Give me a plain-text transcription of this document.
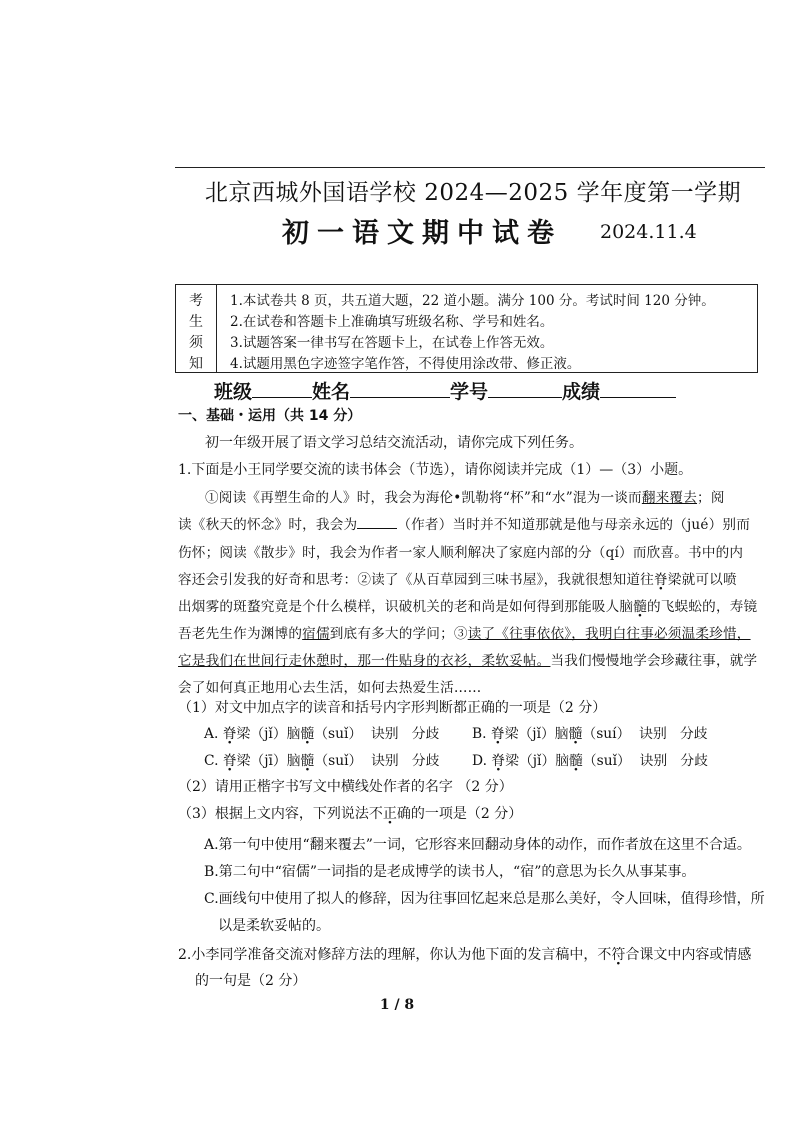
北京西城外国语学校 2024—2025 学年度第一学期
初一语文期中试卷 2024.11.4
考
生
须
知
1.本试卷共 8 页，共五道大题，22 道小题。满分 100 分。考试时间 120 分钟。
2.在试卷和答题卡上准确填写班级名称、学号和姓名。
3.试题答案一律书写在答题卡上，在试卷上作答无效。
4.试题用黑色字迹签字笔作答，不得使用涂改带、修正液。
班级	姓名	学号	成绩
一、基础・运用（共 14 分）
初一年级开展了语文学习总结交流活动，请你完成下列任务。
1.下面是小王同学要交流的读书体会（节选），请你阅读并完成（1）—（3）小题。
①阅读《再塑生命的人》时，我会为海伦•凯勒将“杯”和“水”混为一谈而翻来覆去；阅
读《秋天的怀念》时，我会为	（作者）当时并不知道那就是他与母亲永远的（jué）别而
伤怀；阅读《散步》时，我会为作者一家人顺利解决了家庭内部的分（qí）而欣喜。书中的内
容还会引发我的好奇和思考：②读了《从百草园到三味书屋》，我就很想知道往脊梁就可以喷
出烟雾的斑蝥究竟是个什么模样，识破机关的老和尚是如何得到那能吸人脑髓的飞蜈蚣的，寿镜
吾老先生作为渊博的宿儒到底有多大的学问；③读了《往事依依》，我明白往事必须温柔珍惜，
它是我们在世间行走休憩时，那一件贴身的衣衫，柔软妥帖。当我们慢慢地学会珍藏往事，就学
会了如何真正地用心去生活，如何去热爱生活……
（1）对文中加点字的读音和括号内字形判断都正确的一项是（2 分）
A. 脊梁（jǐ）脑髓（suǐ） 诀别 分歧 B. 脊梁（jǐ）脑髓（suí） 诀别 分歧
C. 脊梁（jī）脑髓（suǐ） 诀别 分歧 D. 脊梁（jǐ）脑髓（suǐ） 诀别 分歧
（2）请用正楷字书写文中横线处作者的名字 （2 分）
（3）根据上文内容，下列说法不正确的一项是（2 分）
A.第一句中使用“翻来覆去”一词，它形容来回翻动身体的动作，而作者放在这里不合适。
B.第二句中“宿儒”一词指的是老成博学的读书人，“宿”的意思为长久从事某事。
C.画线句中使用了拟人的修辞，因为往事回忆起来总是那么美好，令人回味，值得珍惜，所
以是柔软妥帖的。
2.小李同学准备交流对修辞方法的理解，你认为他下面的发言稿中，不符合课文中内容或情感
的一句是（2 分）
1 / 8
